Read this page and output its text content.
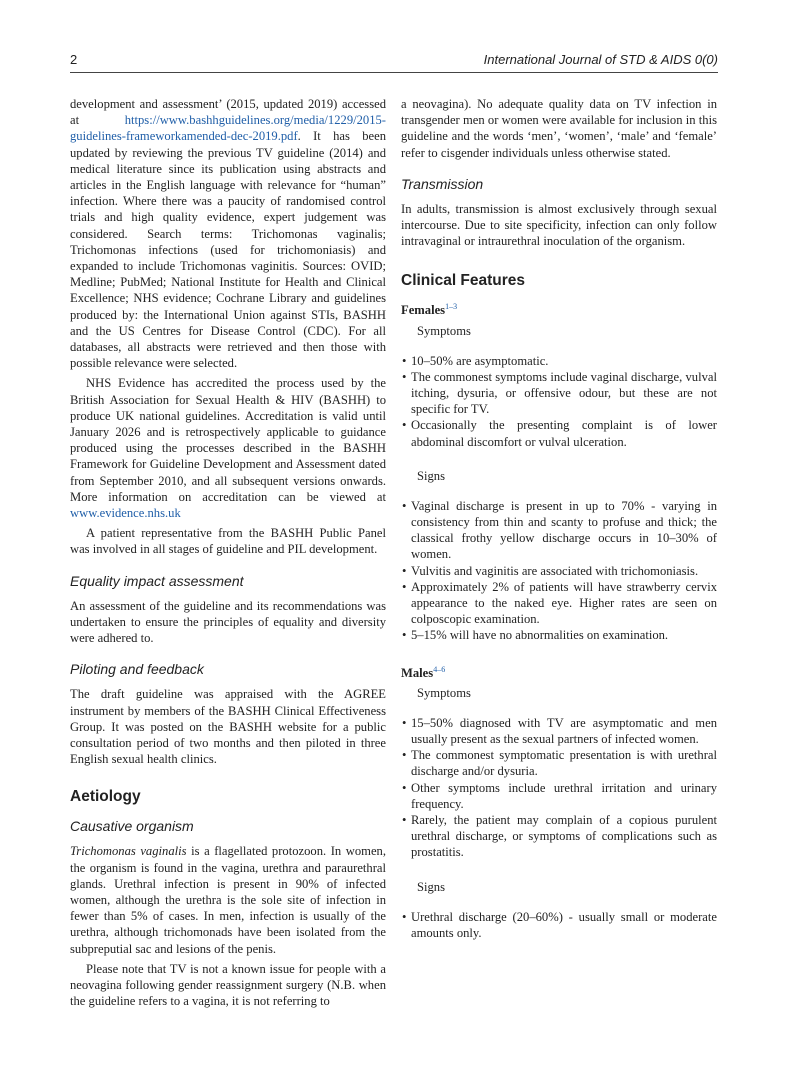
2	International Journal of STD & AIDS 0(0)

development and assessment’ (2015, updated 2019) accessed at https://www.bashhguidelines.org/media/1229/2015-guidelines-frameworkamended-dec-2019.pdf. It has been updated by reviewing the previous TV guideline (2014) and medical literature since its publication using abstracts and articles in the English language with relevance for “human” infection. Where there was a paucity of randomised control trials and high quality evidence, expert judgement was considered. Search terms: Trichomonas vaginalis; Trichomonas infections (used for trichomoniasis) and expanded to include Trichomonas vaginitis. Sources: OVID; Medline; PubMed; National Institute for Health and Clinical Excellence; NHS evidence; Cochrane Library and guidelines produced by: the International Union against STIs, BASHH and the US Centres for Disease Control (CDC). For all databases, all abstracts were retrieved and then those with possible relevance were selected.

NHS Evidence has accredited the process used by the British Association for Sexual Health & HIV (BASHH) to produce UK national guidelines. Accreditation is valid until January 2026 and is retrospectively applicable to guidance produced using the processes described in the BASHH Framework for Guideline Development and Assessment dated from September 2010, and all subsequent versions onwards. More information on accreditation can be viewed at www.evidence.nhs.uk

A patient representative from the BASHH Public Panel was involved in all stages of guideline and PIL development.

Equality impact assessment

An assessment of the guideline and its recommendations was undertaken to ensure the principles of equality and diversity were adhered to.

Piloting and feedback

The draft guideline was appraised with the AGREE instrument by members of the BASHH Clinical Effectiveness Group. It was posted on the BASHH website for a public consultation period of two months and then piloted in three English sexual health clinics.

Aetiology
Causative organism

Trichomonas vaginalis is a flagellated protozoon. In women, the organism is found in the vagina, urethra and paraurethral glands. Urethral infection is present in 90% of infected women, although the urethra is the sole site of infection in fewer than 5% of cases. In men, infection is usually of the urethra, although trichomonads have been isolated from the subpreputial sac and lesions of the penis.

Please note that TV is not a known issue for people with a neovagina following gender reassignment surgery (N.B. when the guideline refers to a vagina, it is not referring to

a neovagina). No adequate quality data on TV infection in transgender men or women were available for inclusion in this guideline and the words ‘men’, ‘women’, ‘male’ and ‘female’ refer to cisgender individuals unless otherwise stated.

Transmission

In adults, transmission is almost exclusively through sexual intercourse. Due to site specificity, infection can only follow intravaginal or intraurethral inoculation of the organism.

Clinical Features

Females$^{1-3}$

Symptoms

• 10–50% are asymptomatic.
• The commonest symptoms include vaginal discharge, vulval itching, dysuria, or offensive odour, but these are not specific for TV.
• Occasionally the presenting complaint is of lower abdominal discomfort or vulval ulceration.

Signs

• Vaginal discharge is present in up to 70% - varying in consistency from thin and scanty to profuse and thick; the classical frothy yellow discharge occurs in 10–30% of women.
• Vulvitis and vaginitis are associated with trichomoniasis.
• Approximately 2% of patients will have strawberry cervix appearance to the naked eye. Higher rates are seen on colposcopic examination.
• 5–15% will have no abnormalities on examination.

Males$^{4-6}$

Symptoms

• 15–50% diagnosed with TV are asymptomatic and men usually present as the sexual partners of infected women.
• The commonest symptomatic presentation is with urethral discharge and/or dysuria.
• Other symptoms include urethral irritation and urinary frequency.
• Rarely, the patient may complain of a copious purulent urethral discharge, or symptoms of complications such as prostatitis.

Signs

• Urethral discharge (20–60%) - usually small or moderate amounts only.
